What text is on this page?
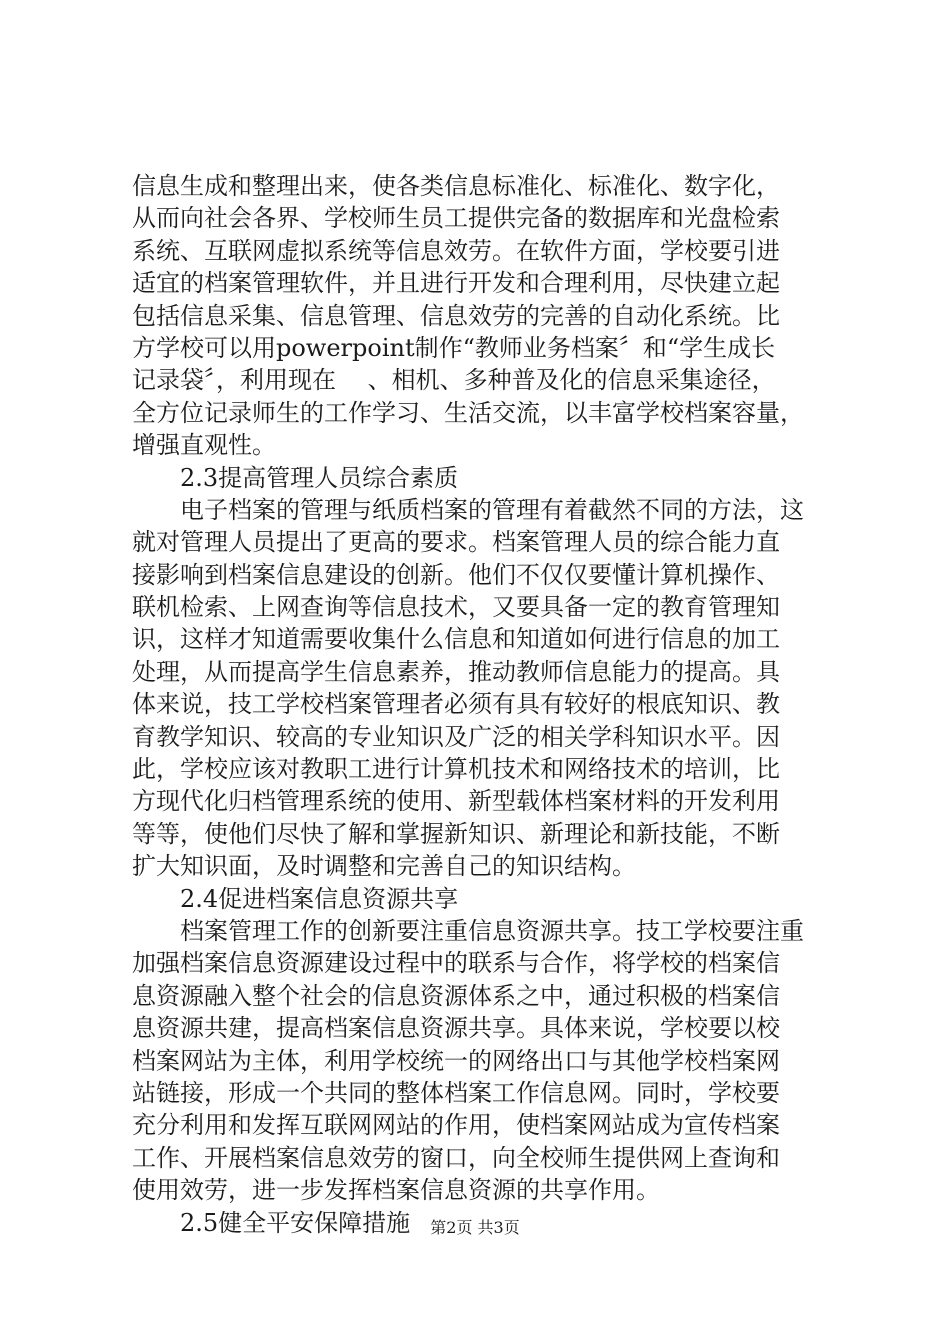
信息生成和整理出来，使各类信息标准化、标准化、数字化，
从而向社会各界、学校师生员工提供完备的数据库和光盘检索
系统、互联网虚拟系统等信息效劳。在软件方面，学校要引进
适宜的档案管理软件，并且进行开发和合理利用，尽快建立起
包括信息采集、信息管理、信息效劳的完善的自动化系统。比
方学校可以用powerpoint制作“教师业务档案〞和“学生成长
记录袋〞，利用现在　 、相机、多种普及化的信息采集途径，
全方位记录师生的工作学习、生活交流，以丰富学校档案容量，
增强直观性。
2.3提高管理人员综合素质
电子档案的管理与纸质档案的管理有着截然不同的方法，这
就对管理人员提出了更高的要求。档案管理人员的综合能力直
接影响到档案信息建设的创新。他们不仅仅要懂计算机操作、
联机检索、上网查询等信息技术，又要具备一定的教育管理知
识，这样才知道需要收集什么信息和知道如何进行信息的加工
处理，从而提高学生信息素养，推动教师信息能力的提高。具
体来说，技工学校档案管理者必须有具有较好的根底知识、教
育教学知识、较高的专业知识及广泛的相关学科知识水平。因
此，学校应该对教职工进行计算机技术和网络技术的培训，比
方现代化归档管理系统的使用、新型载体档案材料的开发利用
等等，使他们尽快了解和掌握新知识、新理论和新技能，不断
扩大知识面，及时调整和完善自己的知识结构。
2.4促进档案信息资源共享
档案管理工作的创新要注重信息资源共享。技工学校要注重
加强档案信息资源建设过程中的联系与合作，将学校的档案信
息资源融入整个社会的信息资源体系之中，通过积极的档案信
息资源共建，提高档案信息资源共享。具体来说，学校要以校
档案网站为主体，利用学校统一的网络出口与其他学校档案网
站链接，形成一个共同的整体档案工作信息网。同时，学校要
充分利用和发挥互联网网站的作用，使档案网站成为宣传档案
工作、开展档案信息效劳的窗口，向全校师生提供网上查询和
使用效劳，进一步发挥档案信息资源的共享作用。
2.5健全平安保障措施	第2页 共3页
